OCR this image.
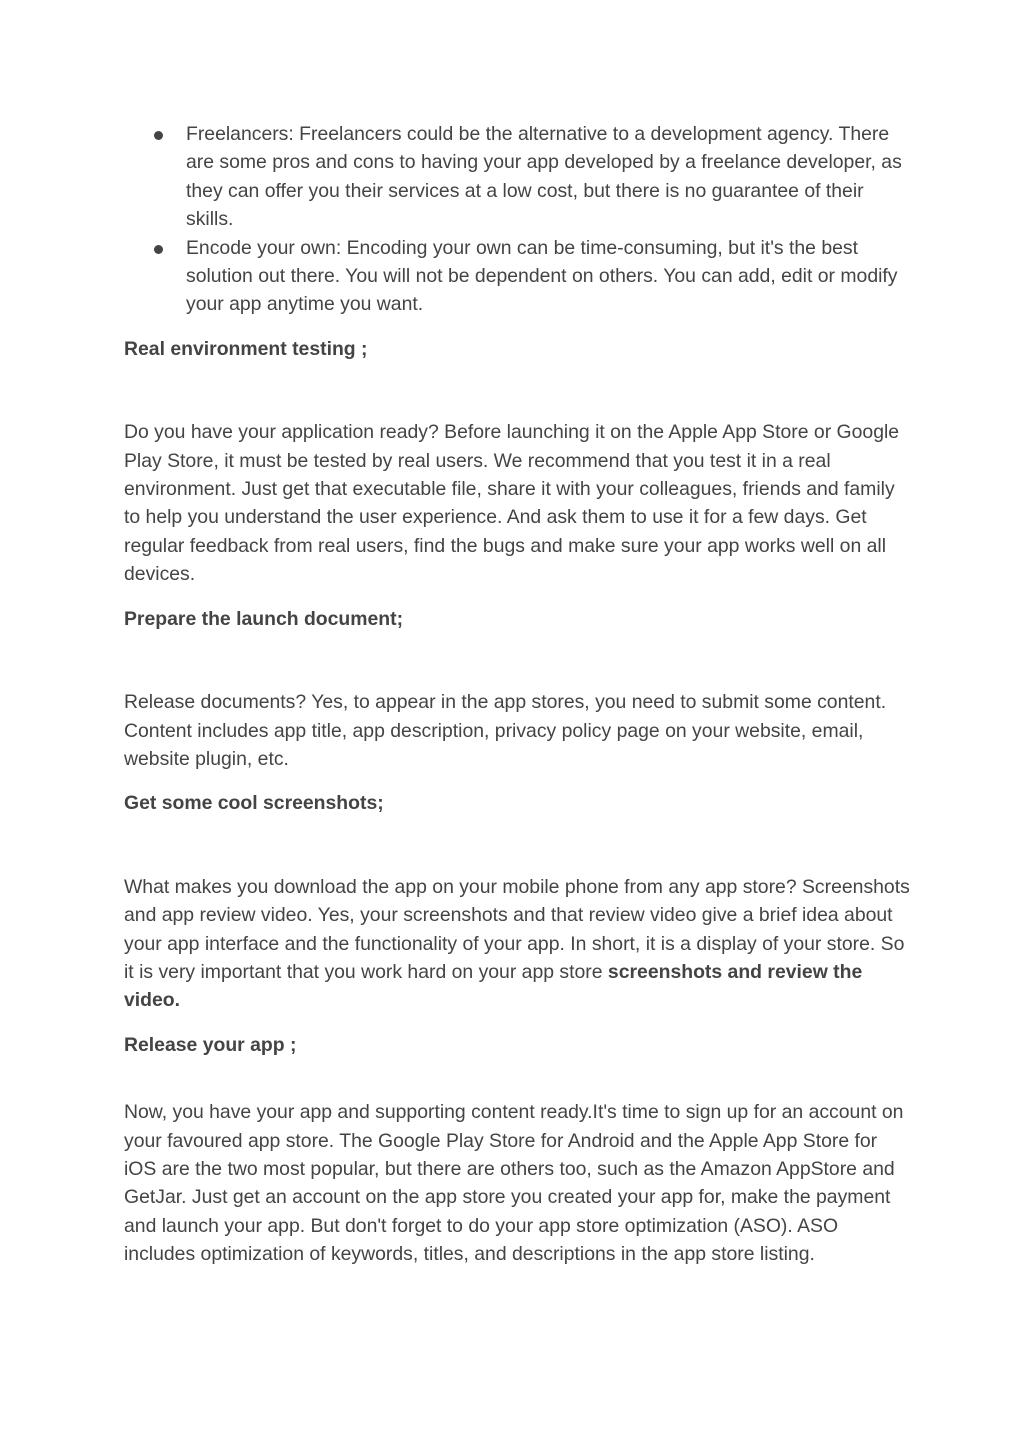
Freelancers: Freelancers could be the alternative to a development agency. There are some pros and cons to having your app developed by a freelance developer, as they can offer you their services at a low cost, but there is no guarantee of their skills.
Encode your own: Encoding your own can be time-consuming, but it's the best solution out there. You will not be dependent on others. You can add, edit or modify your app anytime you want.

Real environment testing ;

Do you have your application ready? Before launching it on the Apple App Store or Google Play Store, it must be tested by real users. We recommend that you test it in a real environment. Just get that executable file, share it with your colleagues, friends and family to help you understand the user experience. And ask them to use it for a few days. Get regular feedback from real users, find the bugs and make sure your app works well on all devices.

Prepare the launch document;

Release documents? Yes, to appear in the app stores, you need to submit some content. Content includes app title, app description, privacy policy page on your website, email, website plugin, etc.

Get some cool screenshots;

What makes you download the app on your mobile phone from any app store? Screenshots and app review video. Yes, your screenshots and that review video give a brief idea about your app interface and the functionality of your app. In short, it is a display of your store. So it is very important that you work hard on your app store screenshots and review the video.

Release your app ;

Now, you have your app and supporting content ready.It's time to sign up for an account on your favoured app store. The Google Play Store for Android and the Apple App Store for iOS are the two most popular, but there are others too, such as the Amazon AppStore and GetJar. Just get an account on the app store you created your app for, make the payment and launch your app. But don't forget to do your app store optimization (ASO). ASO includes optimization of keywords, titles, and descriptions in the app store listing.
